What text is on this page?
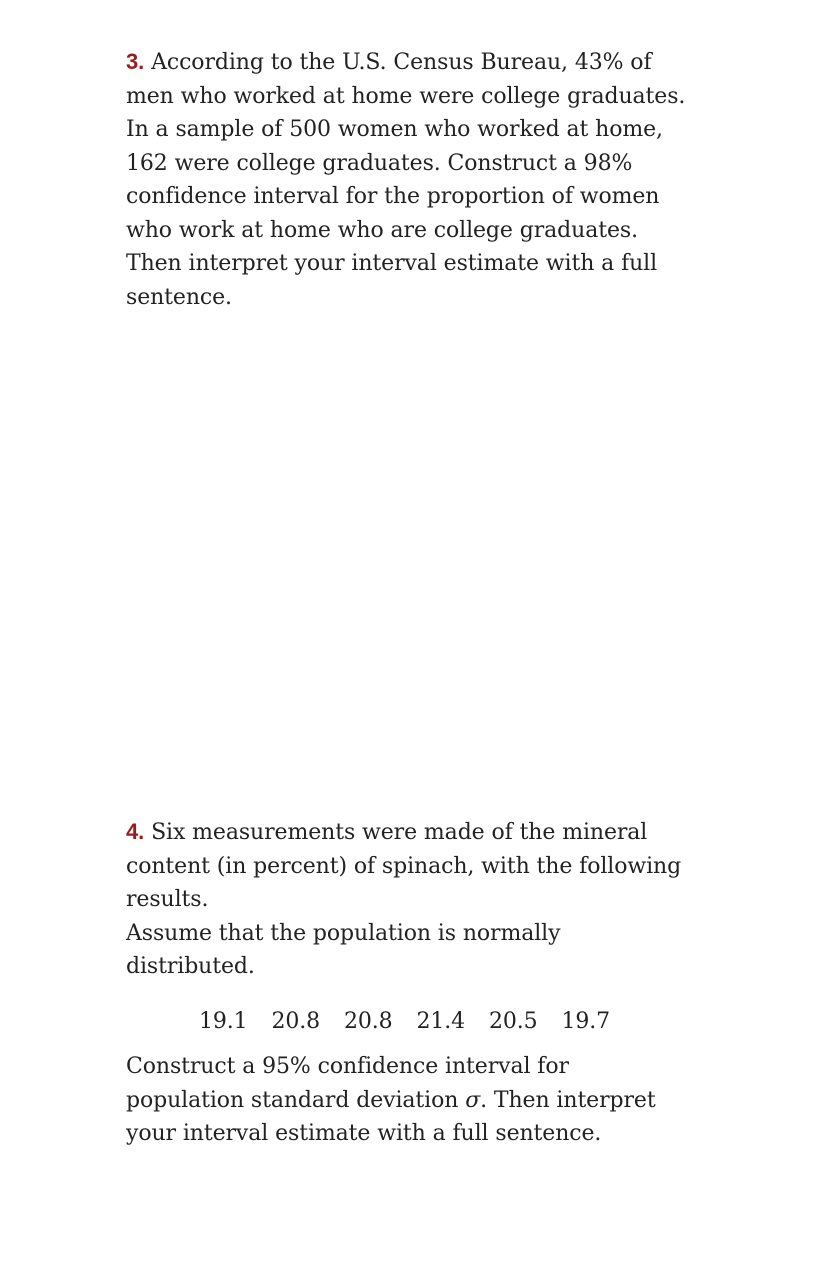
3. According to the U.S. Census Bureau, 43% of men who worked at home were college graduates. In a sample of 500 women who worked at home, 162 were college graduates. Construct a 98% confidence interval for the proportion of women who work at home who are college graduates. Then interpret your interval estimate with a full sentence.

4. Six measurements were made of the mineral content (in percent) of spinach, with the following results.

Assume that the population is normally distributed.

19.1	20.8	20.8	21.4	20.5	19.7

Construct a 95% confidence interval for population standard deviation σ. Then interpret your interval estimate with a full sentence.
